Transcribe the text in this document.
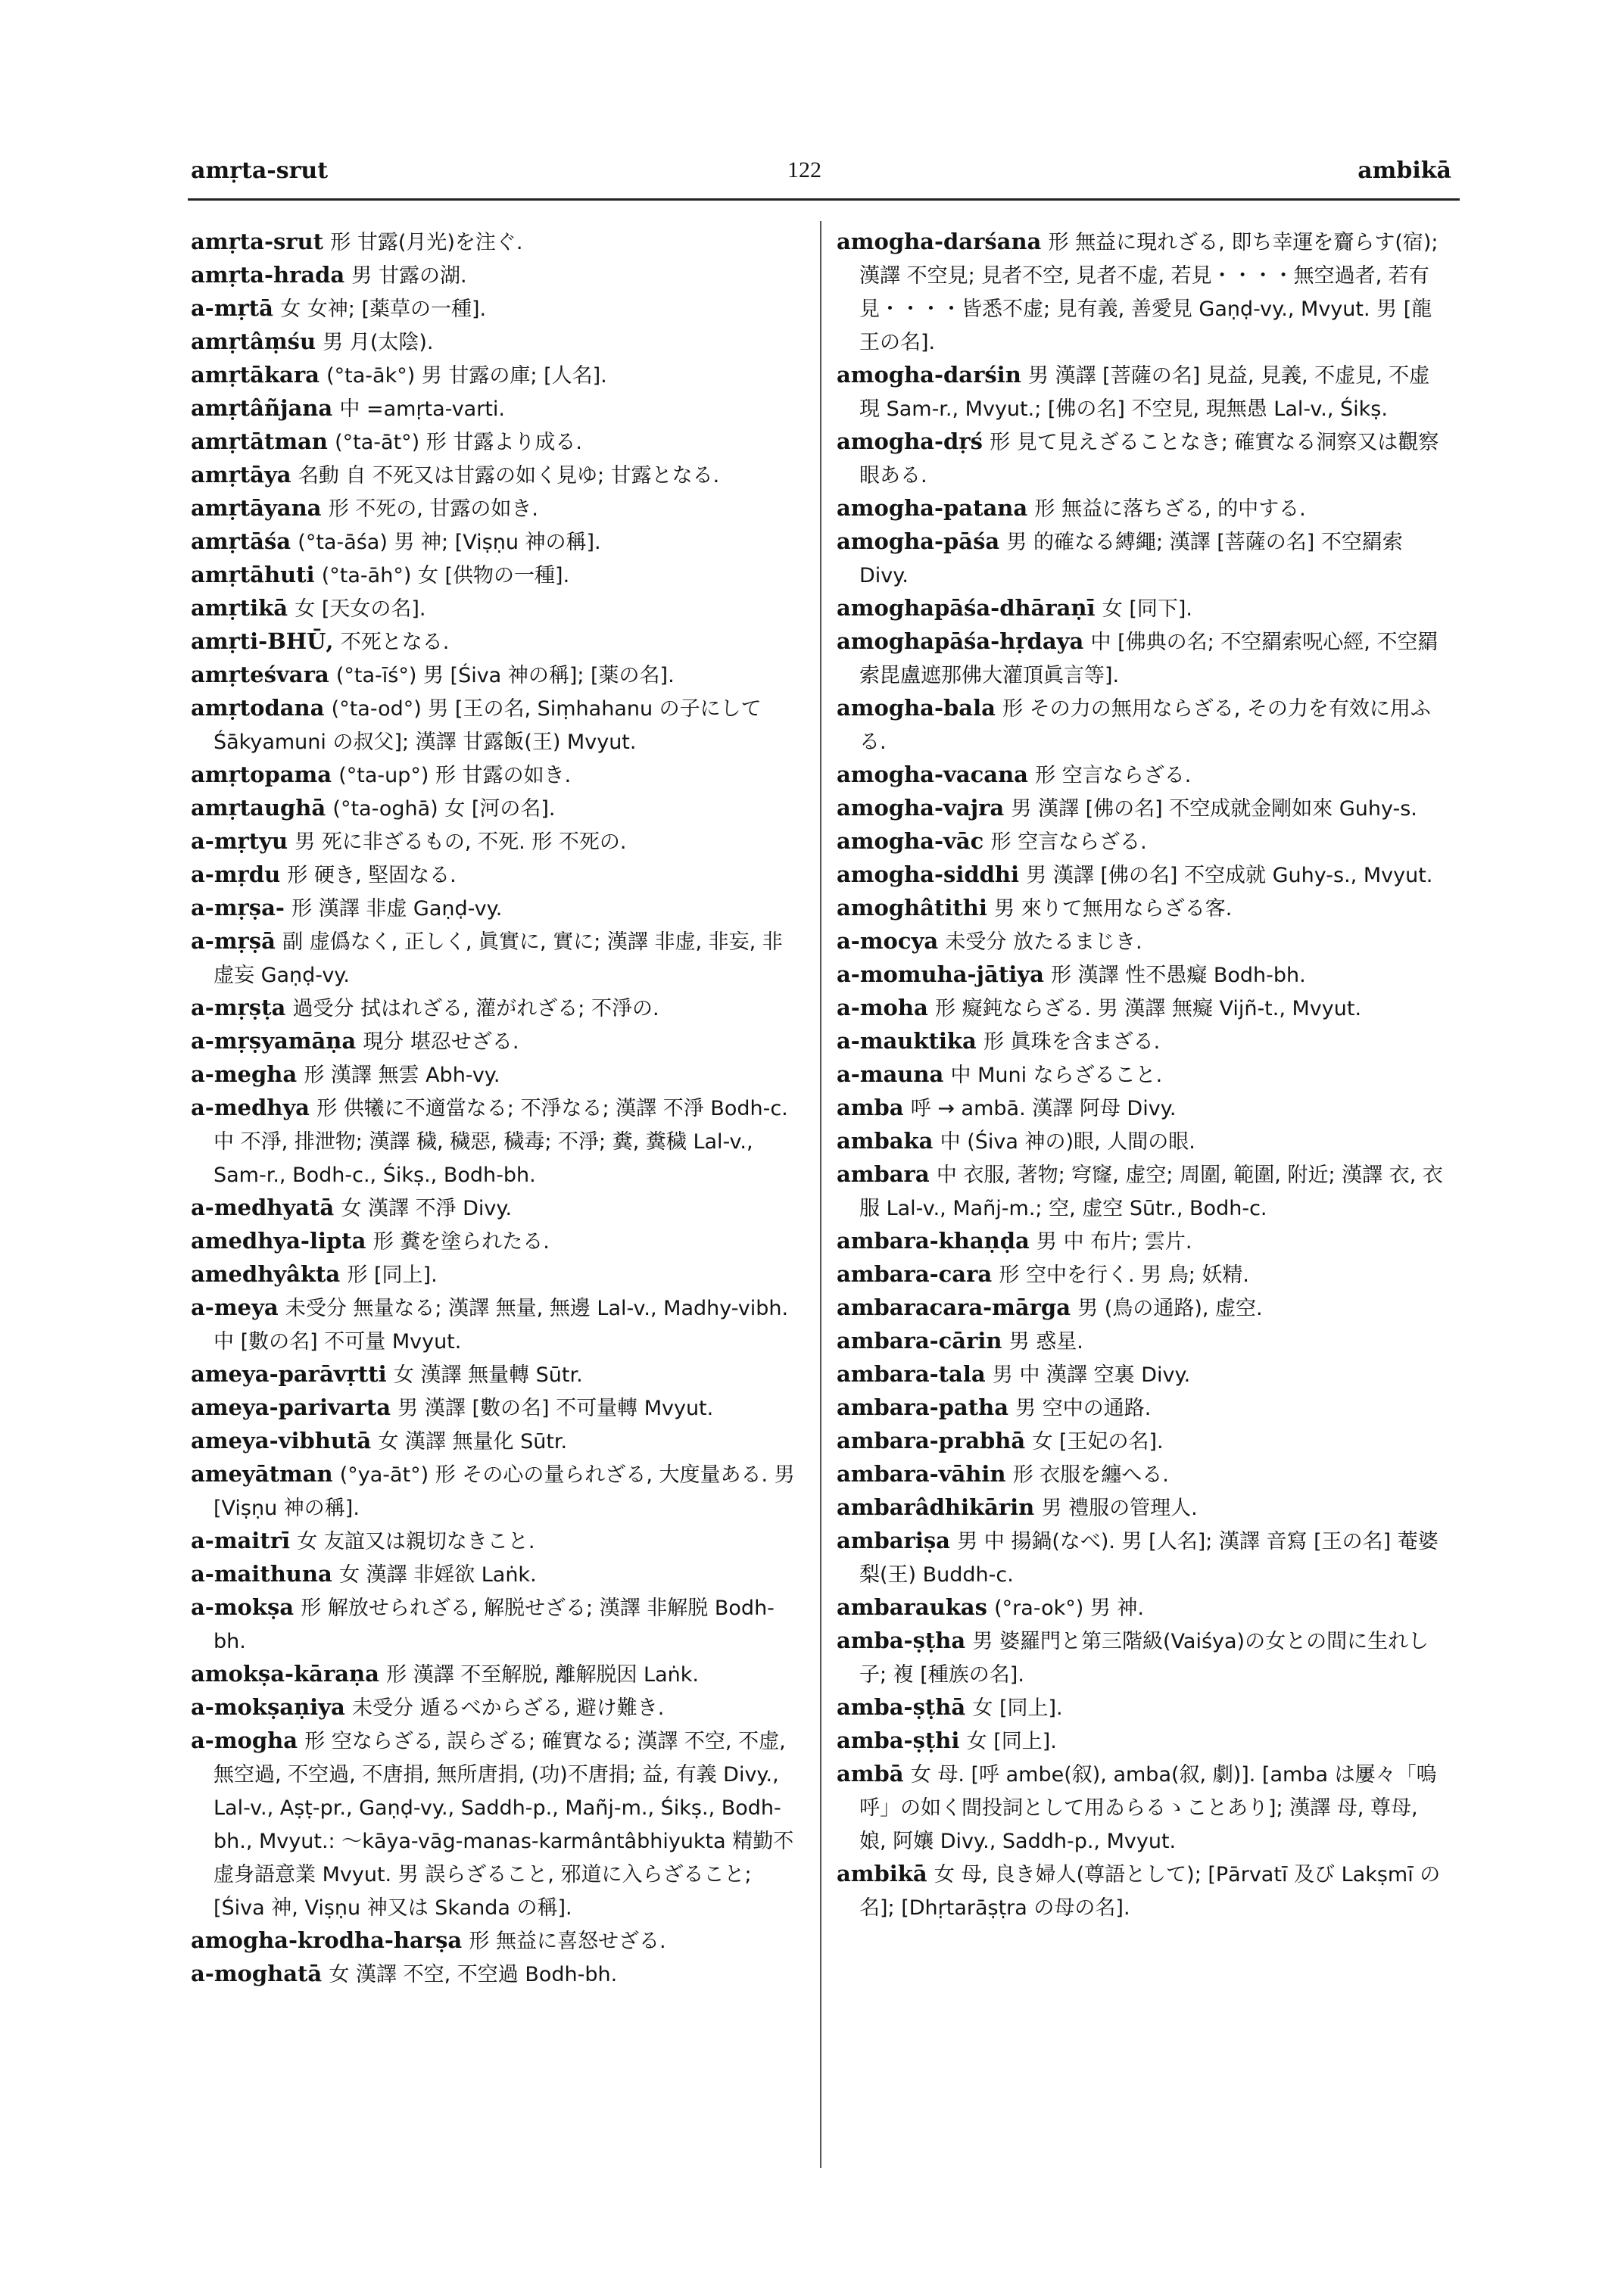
amṛta-srut	122	ambikā

amṛta-srut 形 甘露(月光)を注ぐ.

amṛta-hrada 男 甘露の湖.

a-mṛtā 女 女神; [薬草の一種].

amṛtâṃśu 男 月(太陰).

amṛtākara (°ta-āk°) 男 甘露の庫; [人名].

amṛtâñjana 中 =amṛta-varti.

amṛtātman (°ta-āt°) 形 甘露より成る.

amṛtāya 名動 自 不死又は甘露の如く見ゆ; 甘露となる.

amṛtāyana 形 不死の, 甘露の如き.

amṛtāśa (°ta-āśa) 男 神; [Viṣṇu 神の稱].

amṛtāhuti (°ta-āh°) 女 [供物の一種].

amṛtikā 女 [天女の名].

amṛti-BHŪ, 不死となる.

amṛteśvara (°ta-īś°) 男 [Śiva 神の稱]; [薬の名].

amṛtodana (°ta-od°) 男 [王の名, Siṃhahanu の子にして Śākyamuni の叔父]; 漢譯 甘露飯(王) Mvyut.

amṛtopama (°ta-up°) 形 甘露の如き.

amṛtaughā (°ta-oghā) 女 [河の名].

a-mṛtyu 男 死に非ざるもの, 不死. 形 不死の.

a-mṛdu 形 硬き, 堅固なる.

a-mṛṣa- 形 漢譯 非虚 Gaṇḍ-vy.

a-mṛṣā 副 虚僞なく, 正しく, 眞實に, 實に; 漢譯 非虚, 非妄, 非虚妄 Gaṇḍ-vy.

a-mṛṣṭa 過受分 拭はれざる, 灌がれざる; 不淨の.

a-mṛṣyamāṇa 現分 堪忍せざる.

a-megha 形 漢譯 無雲 Abh-vy.

a-medhya 形 供犧に不適當なる; 不淨なる; 漢譯 不淨 Bodh-c. 中 不淨, 排泄物; 漢譯 穢, 穢惡, 穢毒; 不淨; 糞, 糞穢 Lal-v., Sam-r., Bodh-c., Śikṣ., Bodh-bh.

a-medhyatā 女 漢譯 不淨 Divy.

amedhya-lipta 形 糞を塗られたる.

amedhyâkta 形 [同上].

a-meya 未受分 無量なる; 漢譯 無量, 無邊 Lal-v., Madhy-vibh. 中 [數の名] 不可量 Mvyut.

ameya-parāvṛtti 女 漢譯 無量轉 Sūtr.

ameya-parivarta 男 漢譯 [數の名] 不可量轉 Mvyut.

ameya-vibhutā 女 漢譯 無量化 Sūtr.

ameyātman (°ya-āt°) 形 その心の量られざる, 大度量ある. 男 [Viṣṇu 神の稱].

a-maitrī 女 友誼又は親切なきこと.

a-maithuna 女 漢譯 非婬欲 Laṅk.

a-mokṣa 形 解放せられざる, 解脱せざる; 漢譯 非解脱 Bodh-bh.

amokṣa-kāraṇa 形 漢譯 不至解脱, 離解脱因 Laṅk.

a-mokṣaṇiya 未受分 遁るべからざる, 避け難き.

a-mogha 形 空ならざる, 誤らざる; 確實なる; 漢譯 不空, 不虚, 無空過, 不空過, 不唐捐, 無所唐捐, (功)不唐捐; 益, 有義 Divy., Lal-v., Aṣṭ-pr., Gaṇḍ-vy., Saddh-p., Mañj-m., Śikṣ., Bodh-bh., Mvyut.: 〜kāya-vāg-manas-karmântâbhiyukta 精勤不虚身語意業 Mvyut. 男 誤らざること, 邪道に入らざること; [Śiva 神, Viṣṇu 神又は Skanda の稱].

amogha-krodha-harṣa 形 無益に喜怒せざる.

a-moghatā 女 漢譯 不空, 不空過 Bodh-bh.

amogha-darśana 形 無益に現れざる, 即ち幸運を齎らす(宿); 漢譯 不空見; 見者不空, 見者不虚, 若見・・・・無空過者, 若有見・・・・皆悉不虚; 見有義, 善愛見 Gaṇḍ-vy., Mvyut. 男 [龍王の名].

amogha-darśin 男 漢譯 [菩薩の名] 見益, 見義, 不虚見, 不虚現 Sam-r., Mvyut.; [佛の名] 不空見, 現無愚 Lal-v., Śikṣ.

amogha-dṛś 形 見て見えざることなき; 確實なる洞察又は觀察眼ある.

amogha-patana 形 無益に落ちざる, 的中する.

amogha-pāśa 男 的確なる縛繩; 漢譯 [菩薩の名] 不空羂索 Divy.

amoghapāśa-dhāraṇī 女 [同下].

amoghapāśa-hṛdaya 中 [佛典の名; 不空羂索呪心經, 不空羂索毘盧遮那佛大灌頂眞言等].

amogha-bala 形 その力の無用ならざる, その力を有效に用ふる.

amogha-vacana 形 空言ならざる.

amogha-vajra 男 漢譯 [佛の名] 不空成就金剛如來 Guhy-s.

amogha-vāc 形 空言ならざる.

amogha-siddhi 男 漢譯 [佛の名] 不空成就 Guhy-s., Mvyut.

amoghâtithi 男 來りて無用ならざる客.

a-mocya 未受分 放たるまじき.

a-momuha-jātiya 形 漢譯 性不愚癡 Bodh-bh.

a-moha 形 癡鈍ならざる. 男 漢譯 無癡 Vijñ-t., Mvyut.

a-mauktika 形 眞珠を含まざる.

a-mauna 中 Muni ならざること.

amba 呼 → ambā. 漢譯 阿母 Divy.

ambaka 中 (Śiva 神の)眼, 人間の眼.

ambara 中 衣服, 著物; 穹窿, 虚空; 周圍, 範圍, 附近; 漢譯 衣, 衣服 Lal-v., Mañj-m.; 空, 虚空 Sūtr., Bodh-c.

ambara-khaṇḍa 男 中 布片; 雲片.

ambara-cara 形 空中を行く. 男 鳥; 妖精.

ambaracara-mārga 男 (鳥の通路), 虚空.

ambara-cārin 男 惑星.

ambara-tala 男 中 漢譯 空裏 Divy.

ambara-patha 男 空中の通路.

ambara-prabhā 女 [王妃の名].

ambara-vāhin 形 衣服を纏へる.

ambarâdhikārin 男 禮服の管理人.

ambariṣa 男 中 揚鍋(なべ). 男 [人名]; 漢譯 音寫 [王の名] 菴婆梨(王) Buddh-c.

ambaraukas (°ra-ok°) 男 神.

amba-ṣṭha 男 婆羅門と第三階級(Vaiśya)の女との間に生れし子; 複 [種族の名].

amba-ṣṭhā 女 [同上].

amba-ṣṭhi 女 [同上].

ambā 女 母. [呼 ambe(叙), amba(叙, 劇)]. [amba は屢々「嗚呼」の如く間投詞として用ゐらるゝことあり]; 漢譯 母, 尊母, 娘, 阿孃 Divy., Saddh-p., Mvyut.

ambikā 女 母, 良き婦人(尊語として); [Pārvatī 及び Lakṣmī の名]; [Dhṛtarāṣṭra の母の名].
